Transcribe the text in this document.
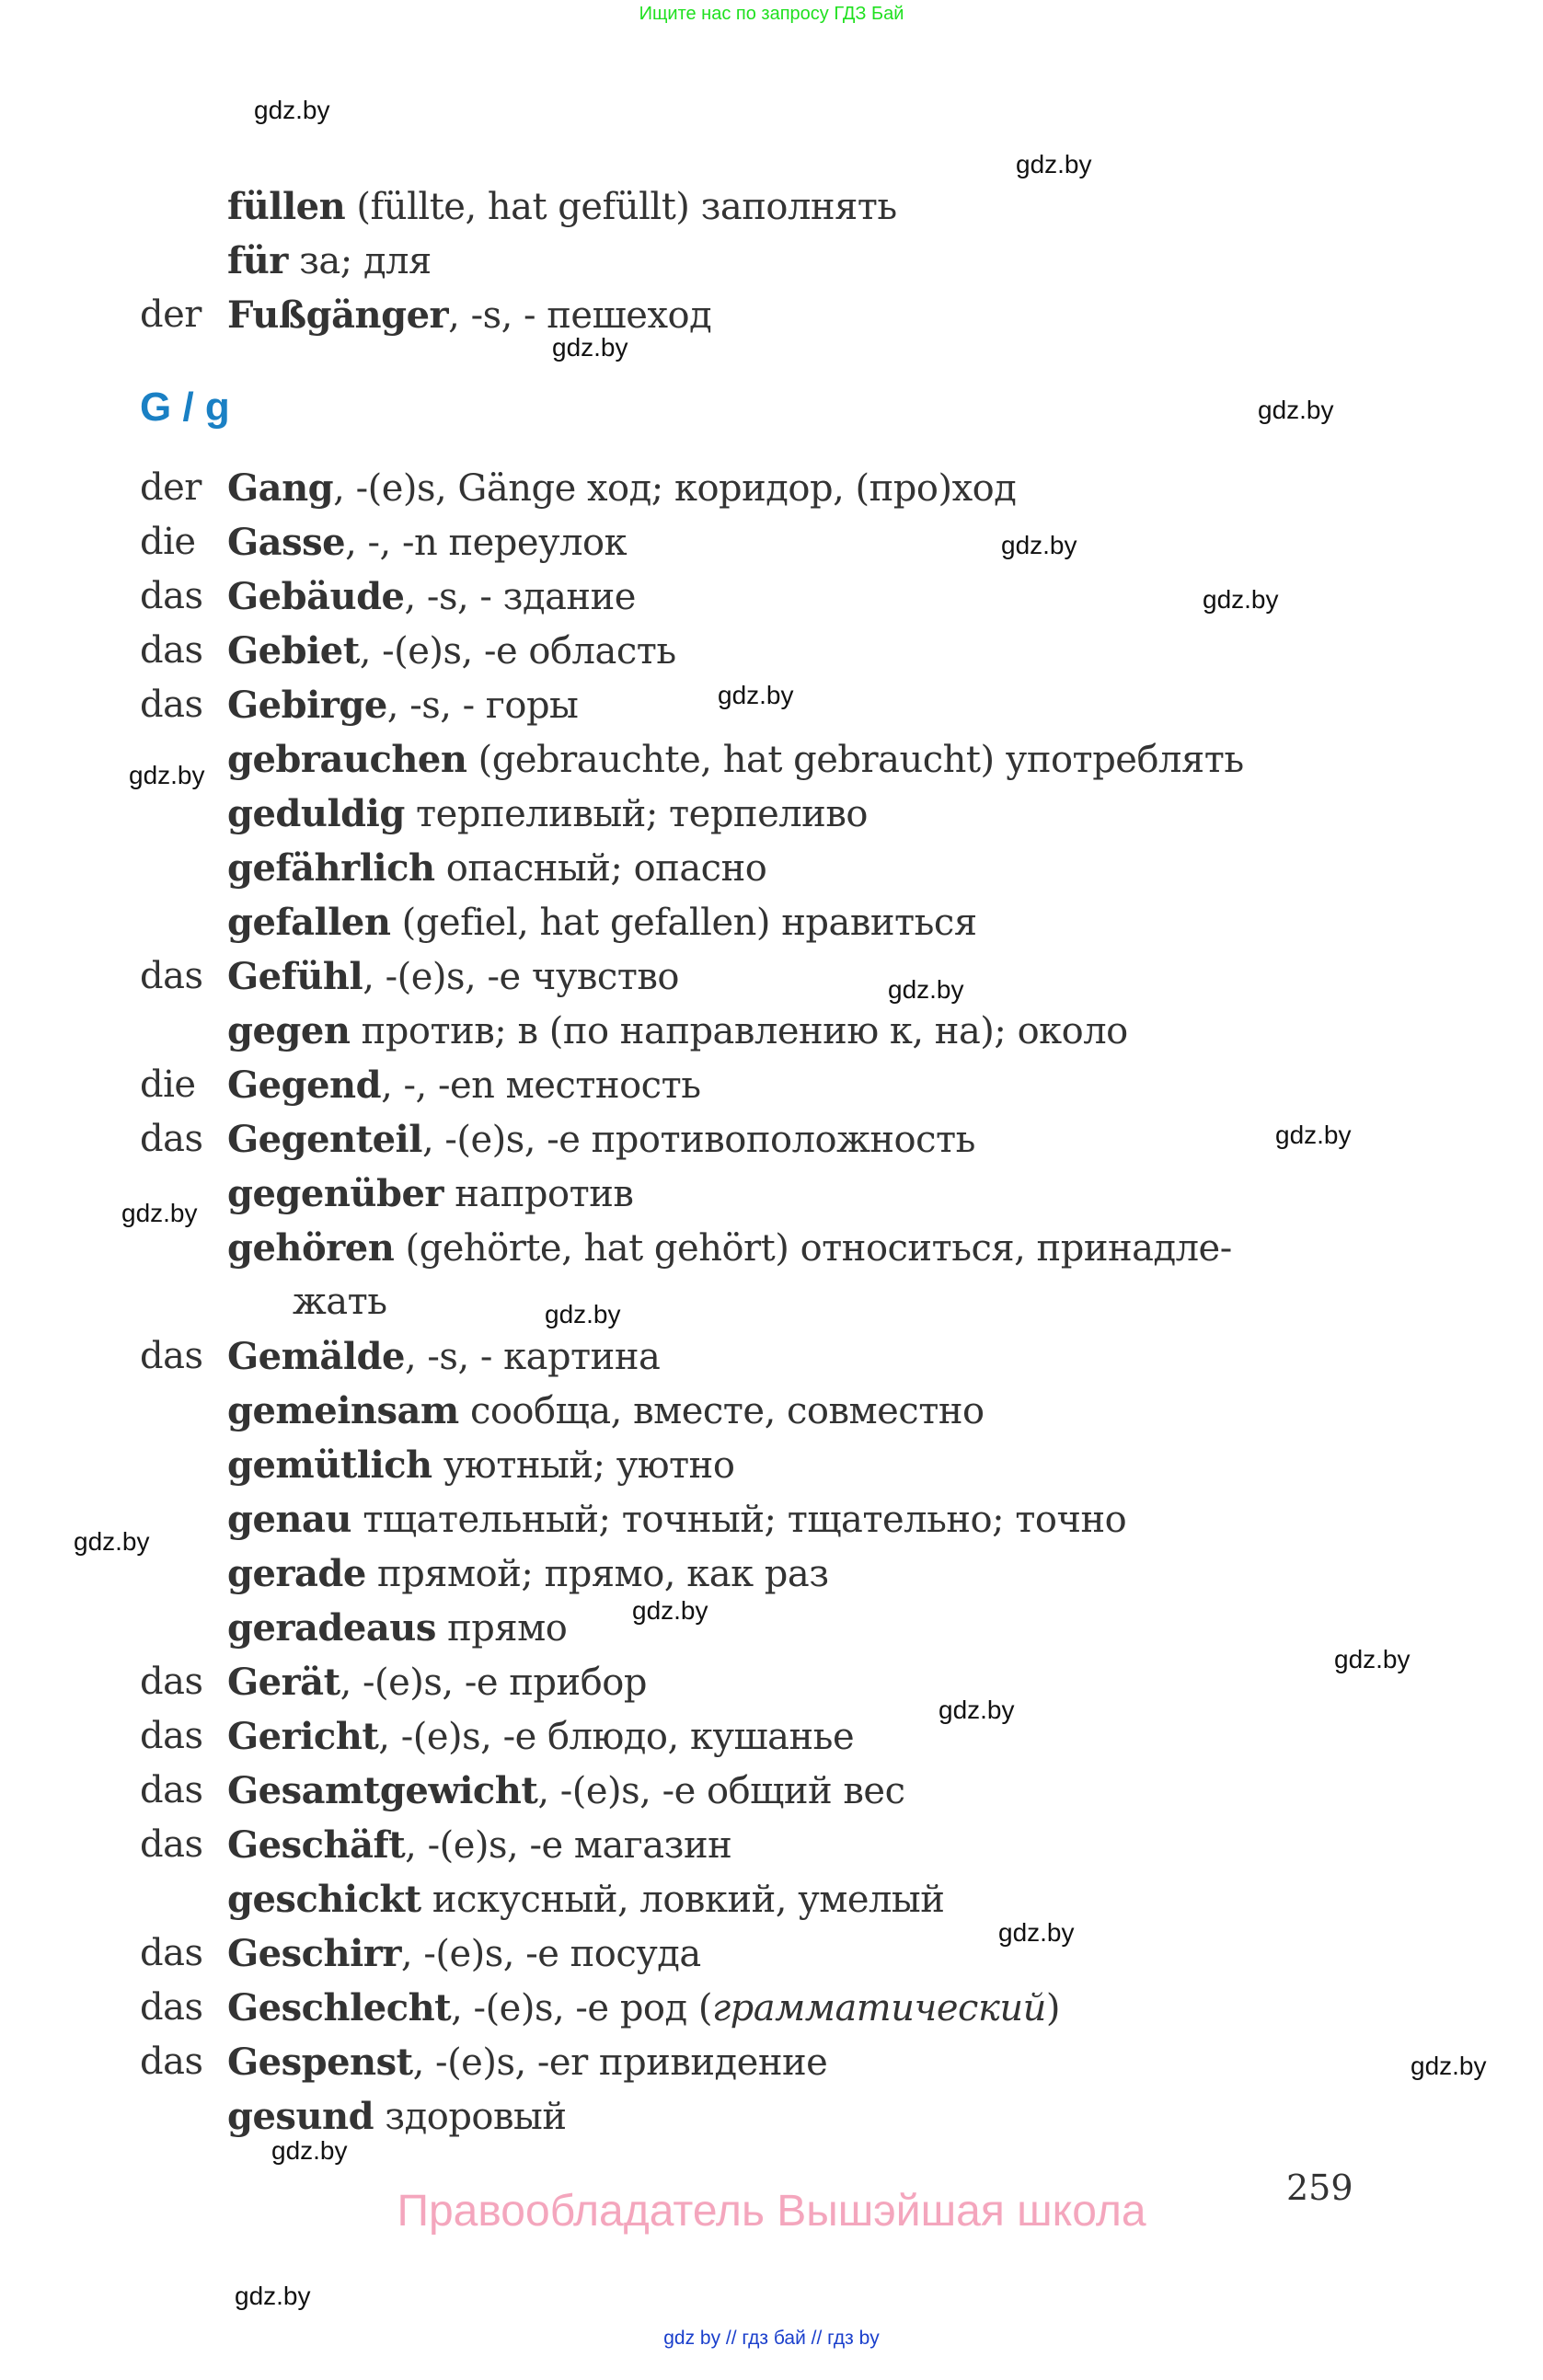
Ищите нас по запросу ГДЗ Бай
füllen (füllte, hat gefüllt) заполнять
für за; для
der Fußgänger, -s, - пешеход
G / g
der Gang, -(e)s, Gänge ход; коридор, (про)ход
die Gasse, -, -n переулок
das Gebäude, -s, - здание
das Gebiet, -(e)s, -e область
das Gebirge, -s, - горы
gebrauchen (gebrauchte, hat gebraucht) употреблять
geduldig терпеливый; терпеливо
gefährlich опасный; опасно
gefallen (gefiel, hat gefallen) нравиться
das Gefühl, -(e)s, -e чувство
gegen против; в (по направлению к, на); около
die Gegend, -, -en местность
das Gegenteil, -(e)s, -e противоположность
gegenüber напротив
gehören (gehörte, hat gehört) относиться, принадле-
жать
das Gemälde, -s, - картина
gemeinsam сообща, вместе, совместно
gemütlich уютный; уютно
genau тщательный; точный; тщательно; точно
gerade прямой; прямо, как раз
geradeaus прямо
das Gerät, -(e)s, -e прибор
das Gericht, -(e)s, -e блюдо, кушанье
das Gesamtgewicht, -(e)s, -e общий вес
das Geschäft, -(e)s, -e магазин
geschickt искусный, ловкий, умелый
das Geschirr, -(e)s, -e посуда
das Geschlecht, -(e)s, -e род (грамматический)
das Gespenst, -(e)s, -er привидение
gesund здоровый
gdz.by
gdz.by
gdz.by
gdz.by
gdz.by
gdz.by
gdz.by
gdz.by
gdz.by
gdz.by
gdz.by
gdz.by
gdz.by
gdz.by
gdz.by
gdz.by
gdz.by
gdz.by
gdz.by
gdz.by
259
Правообладатель Вышэйшая школа
gdz by // гдз бай // гдз by
